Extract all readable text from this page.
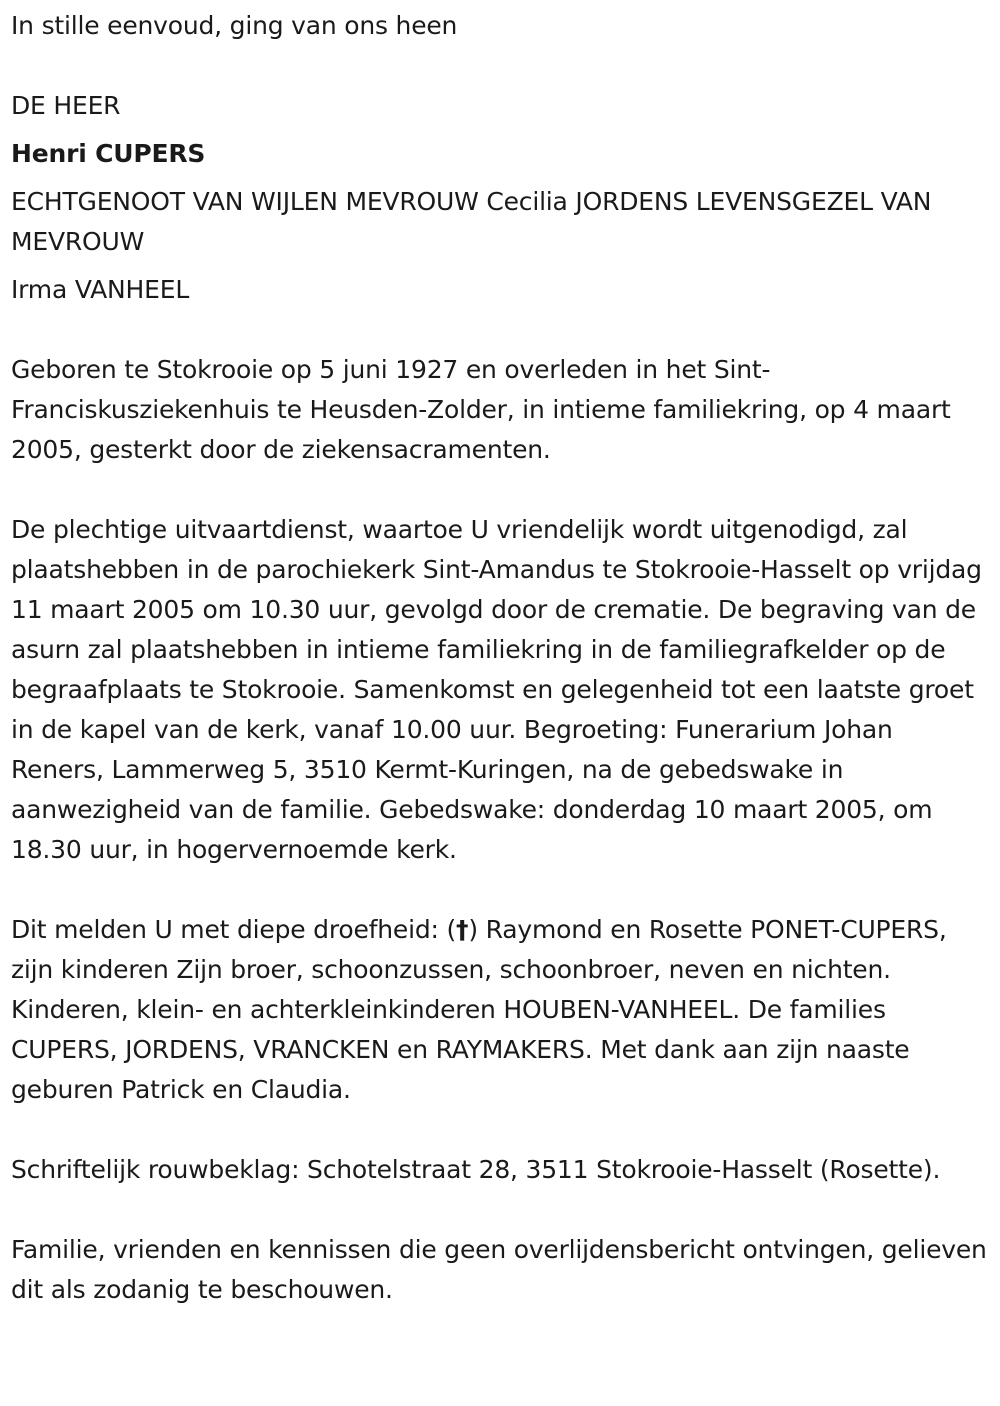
In stille eenvoud, ging van ons heen

DE HEER

Henri CUPERS

ECHTGENOOT VAN WIJLEN MEVROUW Cecilia JORDENS LEVENSGEZEL VAN MEVROUW

Irma VANHEEL

Geboren te Stokrooie op 5 juni 1927 en overleden in het Sint-Franciskusziekenhuis te Heusden-Zolder, in intieme familiekring, op 4 maart 2005, gesterkt door de ziekensacramenten.

De plechtige uitvaartdienst, waartoe U vriendelijk wordt uitgenodigd, zal plaatshebben in de parochiekerk Sint-Amandus te Stokrooie-Hasselt op vrijdag 11 maart 2005 om 10.30 uur, gevolgd door de crematie. De begraving van de asurn zal plaatshebben in intieme familiekring in de familiegrafkelder op de begraafplaats te Stokrooie. Samenkomst en gelegenheid tot een laatste groet in de kapel van de kerk, vanaf 10.00 uur. Begroeting: Funerarium Johan Reners, Lammerweg 5, 3510 Kermt-Kuringen, na de gebedswake in aanwezigheid van de familie. Gebedswake: donderdag 10 maart 2005, om 18.30 uur, in hogervernoemde kerk.

Dit melden U met diepe droefheid: (†) Raymond en Rosette PONET-CUPERS, zijn kinderen Zijn broer, schoonzussen, schoonbroer, neven en nichten. Kinderen, klein- en achterkleinkinderen HOUBEN-VANHEEL. De families CUPERS, JORDENS, VRANCKEN en RAYMAKERS. Met dank aan zijn naaste geburen Patrick en Claudia.

Schriftelijk rouwbeklag: Schotelstraat 28, 3511 Stokrooie-Hasselt (Rosette).

Familie, vrienden en kennissen die geen overlijdensbericht ontvingen, gelieven dit als zodanig te beschouwen.
